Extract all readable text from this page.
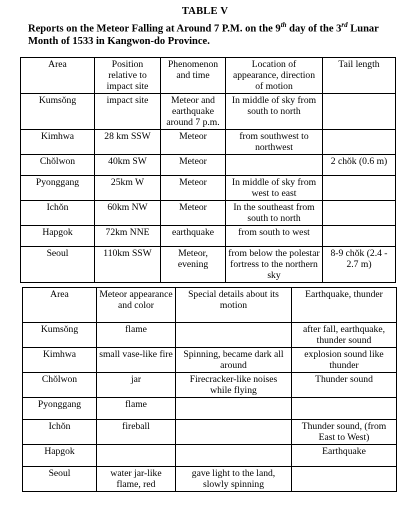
TABLE V
Reports on the Meteor Falling at Around 7 P.M. on the 9th day of the 3rd Lunar Month of 1533 in Kangwon-do Province.
Area	Position relative to impact site	Phenomenon and time	Location of appearance, direction of motion	Tail length
Kumsŏng	impact site	Meteor and earthquake around 7 p.m.	In middle of sky from south to north	
Kimhwa	28 km SSW	Meteor	from southwest to northwest	
Chŏlwon	40km SW	Meteor		2 chŏk (0.6 m)
Pyonggang	25km W	Meteor	In middle of sky from west to east	
Ichŏn	60km NW	Meteor	In the southeast from south to north	
Hapgok	72km NNE	earthquake	from south to west	
Seoul	110km SSW	Meteor, evening	from below the polestar fortress to the northern sky	8-9 chŏk (2.4 - 2.7 m)
Area	Meteor appearance and color	Special details about its motion	Earthquake, thunder
Kumsŏng	flame		after fall, earthquake, thunder sound
Kimhwa	small vase-like fire	Spinning, became dark all around	explosion sound like thunder
Chŏlwon	jar	Firecracker-like noises while flying	Thunder sound
Pyonggang	flame		
Ichŏn	fireball		Thunder sound, (from East to West)
Hapgok			Earthquake
Seoul	water jar-like flame, red	gave light to the land, slowly spinning	
